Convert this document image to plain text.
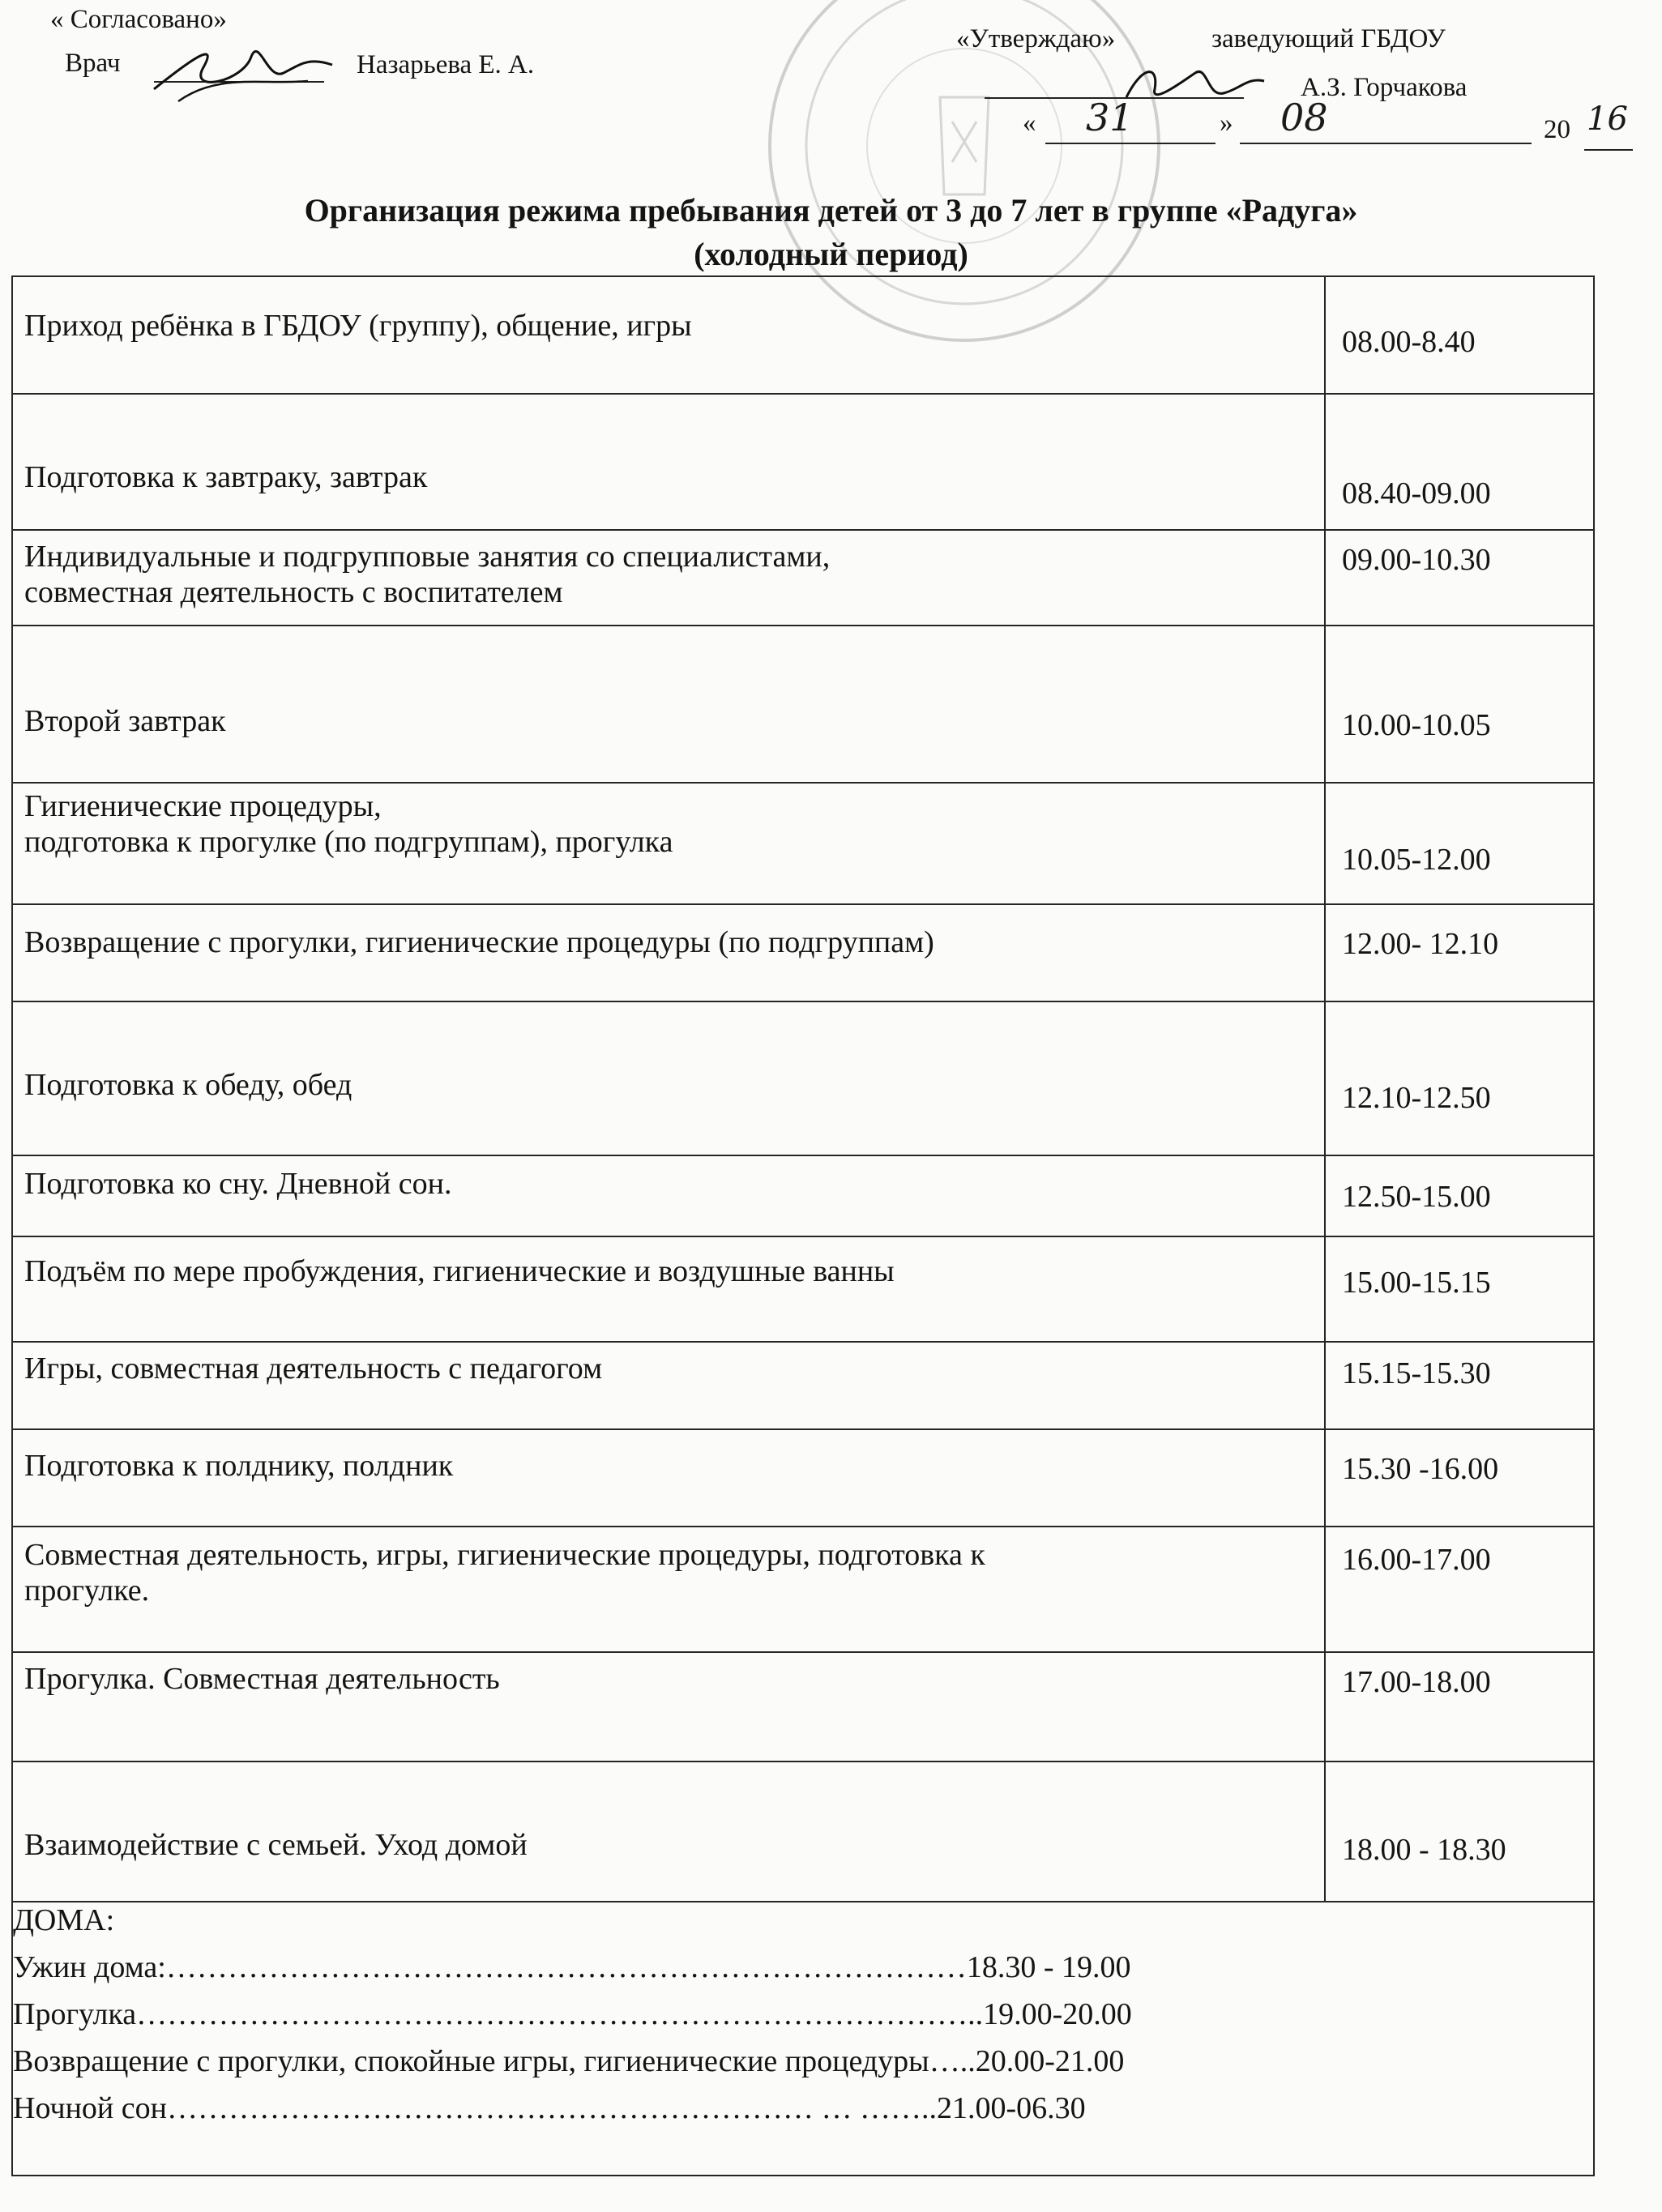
« Согласовано»
Врач	Назарьева Е. А.
«Утверждаю»	заведующий ГБДОУ
А.З. Горчакова
« 31	» 08	20 16
Организация режима пребывания детей от 3 до 7 лет в группе «Радуга»
(холодный период)
Приход ребёнка в ГБДОУ (группу), общение, игры	08.00-8.40
Подготовка к завтраку, завтрак	08.40-09.00
Индивидуальные и подгрупповые занятия со специалистами,
совместная деятельность с воспитателем
09.00-10.30
Второй завтрак	10.00-10.05
Гигиенические процедуры,
подготовка к прогулке (по подгруппам), прогулка
10.05-12.00
Возвращение с прогулки, гигиенические процедуры (по подгруппам)	12.00- 12.10
Подготовка к обеду, обед	12.10-12.50
Подготовка ко сну. Дневной сон.	12.50-15.00
Подъём по мере пробуждения, гигиенические и воздушные ванны	15.00-15.15
Игры, совместная деятельность с педагогом	15.15-15.30
Подготовка к полднику, полдник	15.30 -16.00
Совместная деятельность, игры, гигиенические процедуры, подготовка к
прогулке.
16.00-17.00
Прогулка. Совместная деятельность	17.00-18.00
Взаимодействие с семьей. Уход домой	18.00 - 18.30
ДОМА:
Ужин дома:……………………………………………………………………18.30 - 19.00
Прогулка………………………………………………………………………..19.00-20.00
Возвращение с прогулки, спокойные игры, гигиенические процедуры…..20.00-21.00
Ночной сон……………………………………………………… … ……..21.00-06.30
